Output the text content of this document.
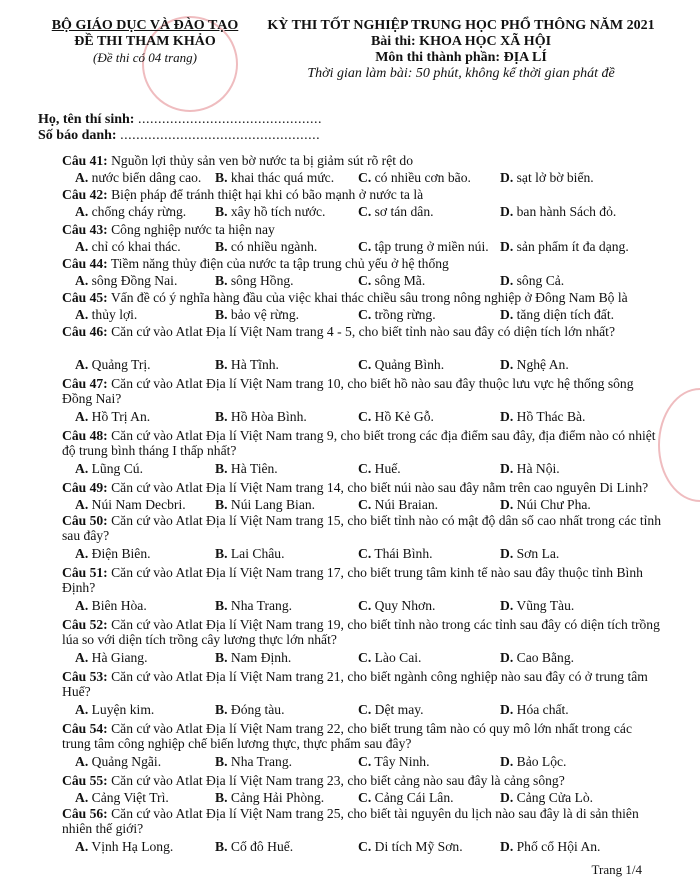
BỘ GIÁO DỤC VÀ ĐÀO TẠO
ĐỀ THI THAM KHẢO
(Đề thi có 04 trang)
KỲ THI TỐT NGHIỆP TRUNG HỌC PHỔ THÔNG NĂM 2021
Bài thi: KHOA HỌC XÃ HỘI
Môn thi thành phần: ĐỊA LÍ
Thời gian làm bài: 50 phút, không kể thời gian phát đề
Họ, tên thí sinh: ..............................................
Số báo danh: ..................................................
Câu 41: Nguồn lợi thủy sản ven bờ nước ta bị giảm sút rõ rệt do
A. nước biển dâng cao. B. khai thác quá mức. C. có nhiều cơn bão. D. sạt lở bờ biển.
Câu 42: Biện pháp để tránh thiệt hại khi có bão mạnh ở nước ta là
A. chống cháy rừng. B. xây hồ tích nước. C. sơ tán dân.	D. ban hành Sách đỏ.
Câu 43: Công nghiệp nước ta hiện nay
A. chỉ có khai thác.	B. có nhiều ngành.	C. tập trung ở miền núi. D. sản phẩm ít đa dạng.
Câu 44: Tiềm năng thủy điện của nước ta tập trung chủ yếu ở hệ thống
A. sông Đồng Nai.	B. sông Hồng.	C. sông Mã.	D. sông Cả.
Câu 45: Vấn đề có ý nghĩa hàng đầu của việc khai thác chiều sâu trong nông nghiệp ở Đông Nam Bộ là
A. thủy lợi.	B. bảo vệ rừng.	C. trồng rừng.	D. tăng diện tích đất.
Câu 46: Căn cứ vào Atlat Địa lí Việt Nam trang 4 - 5, cho biết tỉnh nào sau đây có diện tích lớn nhất?
A. Quảng Trị.	B. Hà Tĩnh.	C. Quảng Bình.	D. Nghệ An.
Câu 47: Căn cứ vào Atlat Địa lí Việt Nam trang 10, cho biết hồ nào sau đây thuộc lưu vực hệ thống sông Đồng Nai?
A. Hồ Trị An.	B. Hồ Hòa Bình.	C. Hồ Kẻ Gỗ.	D. Hồ Thác Bà.
Câu 48: Căn cứ vào Atlat Địa lí Việt Nam trang 9, cho biết trong các địa điểm sau đây, địa điểm nào có nhiệt độ trung bình tháng I thấp nhất?
A. Lũng Cú.	B. Hà Tiên.	C. Huế.	D. Hà Nội.
Câu 49: Căn cứ vào Atlat Địa lí Việt Nam trang 14, cho biết núi nào sau đây nằm trên cao nguyên Di Linh?
A. Núi Nam Decbri. B. Núi Lang Bian.	C. Núi Braian.	D. Núi Chư Pha.
Câu 50: Căn cứ vào Atlat Địa lí Việt Nam trang 15, cho biết tỉnh nào có mật độ dân số cao nhất trong các tỉnh sau đây?
A. Điện Biên.	B. Lai Châu.	C. Thái Bình.	D. Sơn La.
Câu 51: Căn cứ vào Atlat Địa lí Việt Nam trang 17, cho biết trung tâm kinh tế nào sau đây thuộc tỉnh Bình Định?
A. Biên Hòa.	B. Nha Trang.	C. Quy Nhơn.	D. Vũng Tàu.
Câu 52: Căn cứ vào Atlat Địa lí Việt Nam trang 19, cho biết tỉnh nào trong các tỉnh sau đây có diện tích trồng lúa so với diện tích trồng cây lương thực lớn nhất?
A. Hà Giang.	B. Nam Định.	C. Lào Cai.	D. Cao Bằng.
Câu 53: Căn cứ vào Atlat Địa lí Việt Nam trang 21, cho biết ngành công nghiệp nào sau đây có ở trung tâm Huế?
A. Luyện kim.	B. Đóng tàu.	C. Dệt may.	D. Hóa chất.
Câu 54: Căn cứ vào Atlat Địa lí Việt Nam trang 22, cho biết trung tâm nào có quy mô lớn nhất trong các trung tâm công nghiệp chế biến lương thực, thực phẩm sau đây?
A. Quảng Ngãi.	B. Nha Trang.	C. Tây Ninh.	D. Bảo Lộc.
Câu 55: Căn cứ vào Atlat Địa lí Việt Nam trang 23, cho biết cảng nào sau đây là cảng sông?
A. Cảng Việt Trì.	B. Cảng Hải Phòng. C. Cảng Cái Lân.	D. Cảng Cửa Lò.
Câu 56: Căn cứ vào Atlat Địa lí Việt Nam trang 25, cho biết tài nguyên du lịch nào sau đây là di sản thiên nhiên thế giới?
A. Vịnh Hạ Long.	B. Cố đô Huế.	C. Di tích Mỹ Sơn.	D. Phố cổ Hội An.
Trang 1/4
